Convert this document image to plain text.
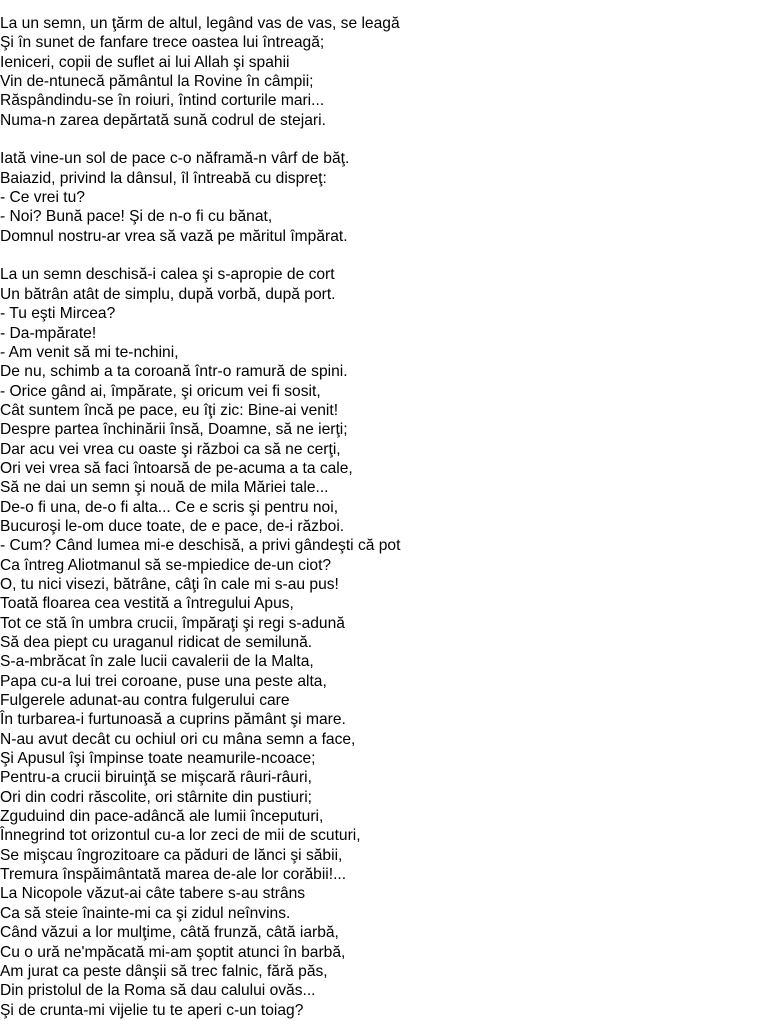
La un semn, un ţărm de altul, legând vas de vas, se leagă
Şi în sunet de fanfare trece oastea lui întreagă;
Ieniceri, copii de suflet ai lui Allah şi spahii
Vin de-ntunecă pământul la Rovine în câmpii;
Răspândindu-se în roiuri, întind corturile mari...
Numa-n zarea depărtată sună codrul de stejari.
Iată vine-un sol de pace c-o năframă-n vârf de băţ.
Baiazid, privind la dânsul, îl întreabă cu dispreţ:
- Ce vrei tu?
- Noi? Bună pace! Şi de n-o fi cu bănat,
Domnul nostru-ar vrea să vază pe măritul împărat.
La un semn deschisă-i calea şi s-apropie de cort
Un bătrân atât de simplu, după vorbă, după port.
- Tu eşti Mircea?
- Da-mpărate!
- Am venit să mi te-nchini,
De nu, schimb a ta coroană într-o ramură de spini.
- Orice gând ai, împărate, şi oricum vei fi sosit,
Cât suntem încă pe pace, eu îţi zic: Bine-ai venit!
Despre partea închinării însă, Doamne, să ne ierţi;
Dar acu vei vrea cu oaste şi război ca să ne cerţi,
Ori vei vrea să faci întoarsă de pe-acuma a ta cale,
Să ne dai un semn şi nouă de mila Măriei tale...
De-o fi una, de-o fi alta... Ce e scris şi pentru noi,
Bucuroşi le-om duce toate, de e pace, de-i război.
- Cum? Când lumea mi-e deschisă, a privi gândeşti că pot
Ca întreg Aliotmanul să se-mpiedice de-un ciot?
O, tu nici visezi, bătrâne, câţi în cale mi s-au pus!
Toată floarea cea vestită a întregului Apus,
Tot ce stă în umbra crucii, împăraţi şi regi s-adună
Să dea piept cu uraganul ridicat de semilună.
S-a-mbrăcat în zale lucii cavalerii de la Malta,
Papa cu-a lui trei coroane, puse una peste alta,
Fulgerele adunat-au contra fulgerului care
În turbarea-i furtunoasă a cuprins pământ şi mare.
N-au avut decât cu ochiul ori cu mâna semn a face,
Şi Apusul îşi împinse toate neamurile-ncoace;
Pentru-a crucii biruinţă se mişcară râuri-râuri,
Ori din codri răscolite, ori stârnite din pustiuri;
Zguduind din pace-adâncă ale lumii începuturi,
Înnegrind tot orizontul cu-a lor zeci de mii de scuturi,
Se mişcau îngrozitoare ca păduri de lănci şi săbii,
Tremura înspăimântată marea de-ale lor corăbii!...
La Nicopole văzut-ai câte tabere s-au strâns
Ca să steie înainte-mi ca şi zidul neînvins.
Când văzui a lor mulţime, câtă frunză, câtă iarbă,
Cu o ură ne'mpăcată mi-am şoptit atunci în barbă,
Am jurat ca peste dânşii să trec falnic, fără păs,
Din pristolul de la Roma să dau calului ovăs...
Şi de crunta-mi vijelie tu te aperi c-un toiag?
